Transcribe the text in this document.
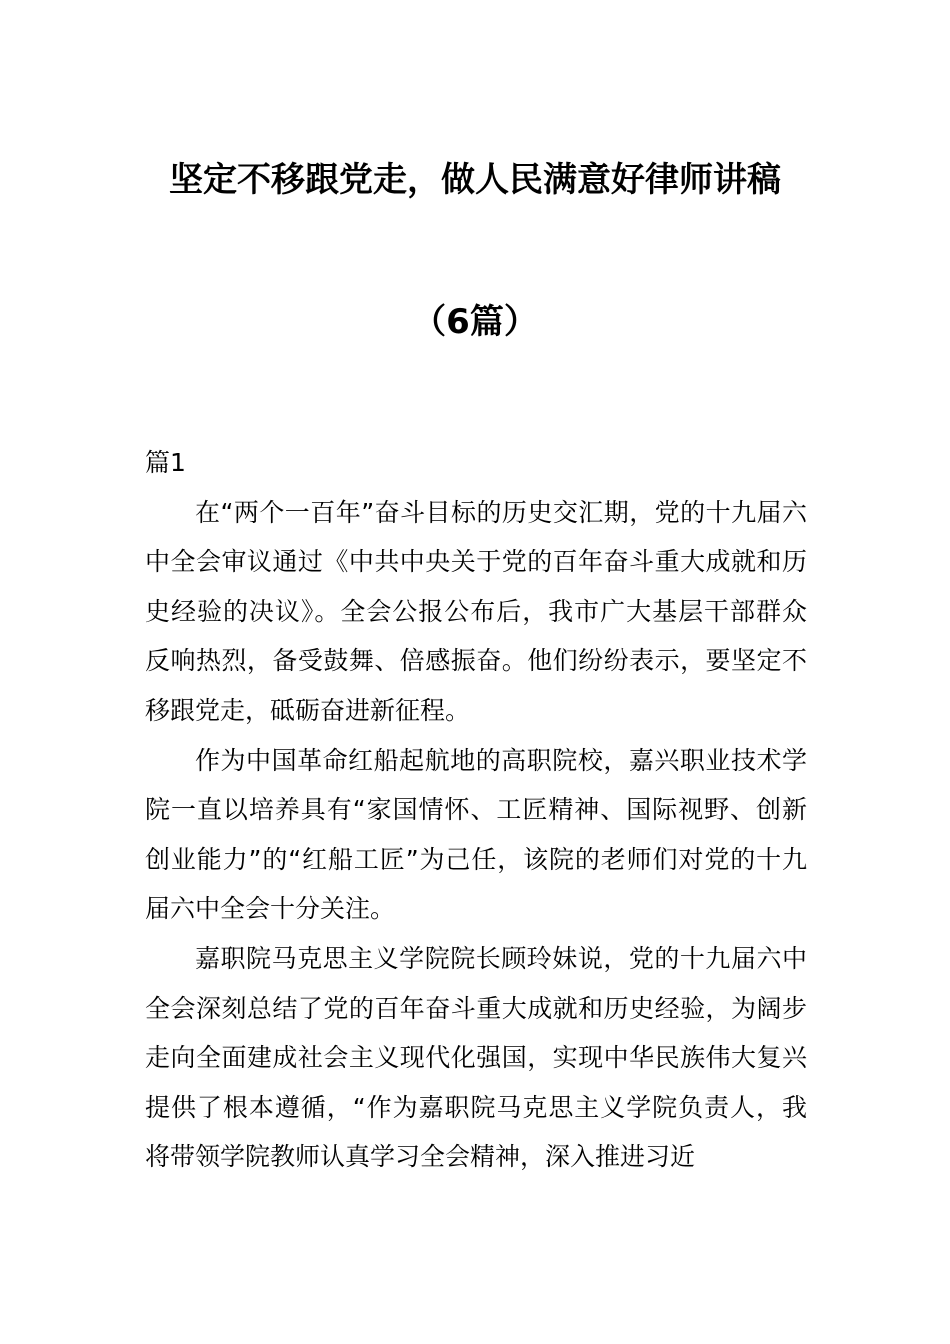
坚定不移跟党走，做人民满意好律师讲稿
（6篇）

篇1

在“两个一百年”奋斗目标的历史交汇期，党的十九届六中全会审议通过《中共中央关于党的百年奋斗重大成就和历史经验的决议》。全会公报公布后，我市广大基层干部群众反响热烈，备受鼓舞、倍感振奋。他们纷纷表示，要坚定不移跟党走，砥砺奋进新征程。

作为中国革命红船起航地的高职院校，嘉兴职业技术学院一直以培养具有“家国情怀、工匠精神、国际视野、创新创业能力”的“红船工匠”为己任，该院的老师们对党的十九届六中全会十分关注。

嘉职院马克思主义学院院长顾玲妹说，党的十九届六中全会深刻总结了党的百年奋斗重大成就和历史经验，为阔步走向全面建成社会主义现代化强国，实现中华民族伟大复兴提供了根本遵循，“作为嘉职院马克思主义学院负责人，我将带领学院教师认真学习全会精神，深入推进习近
